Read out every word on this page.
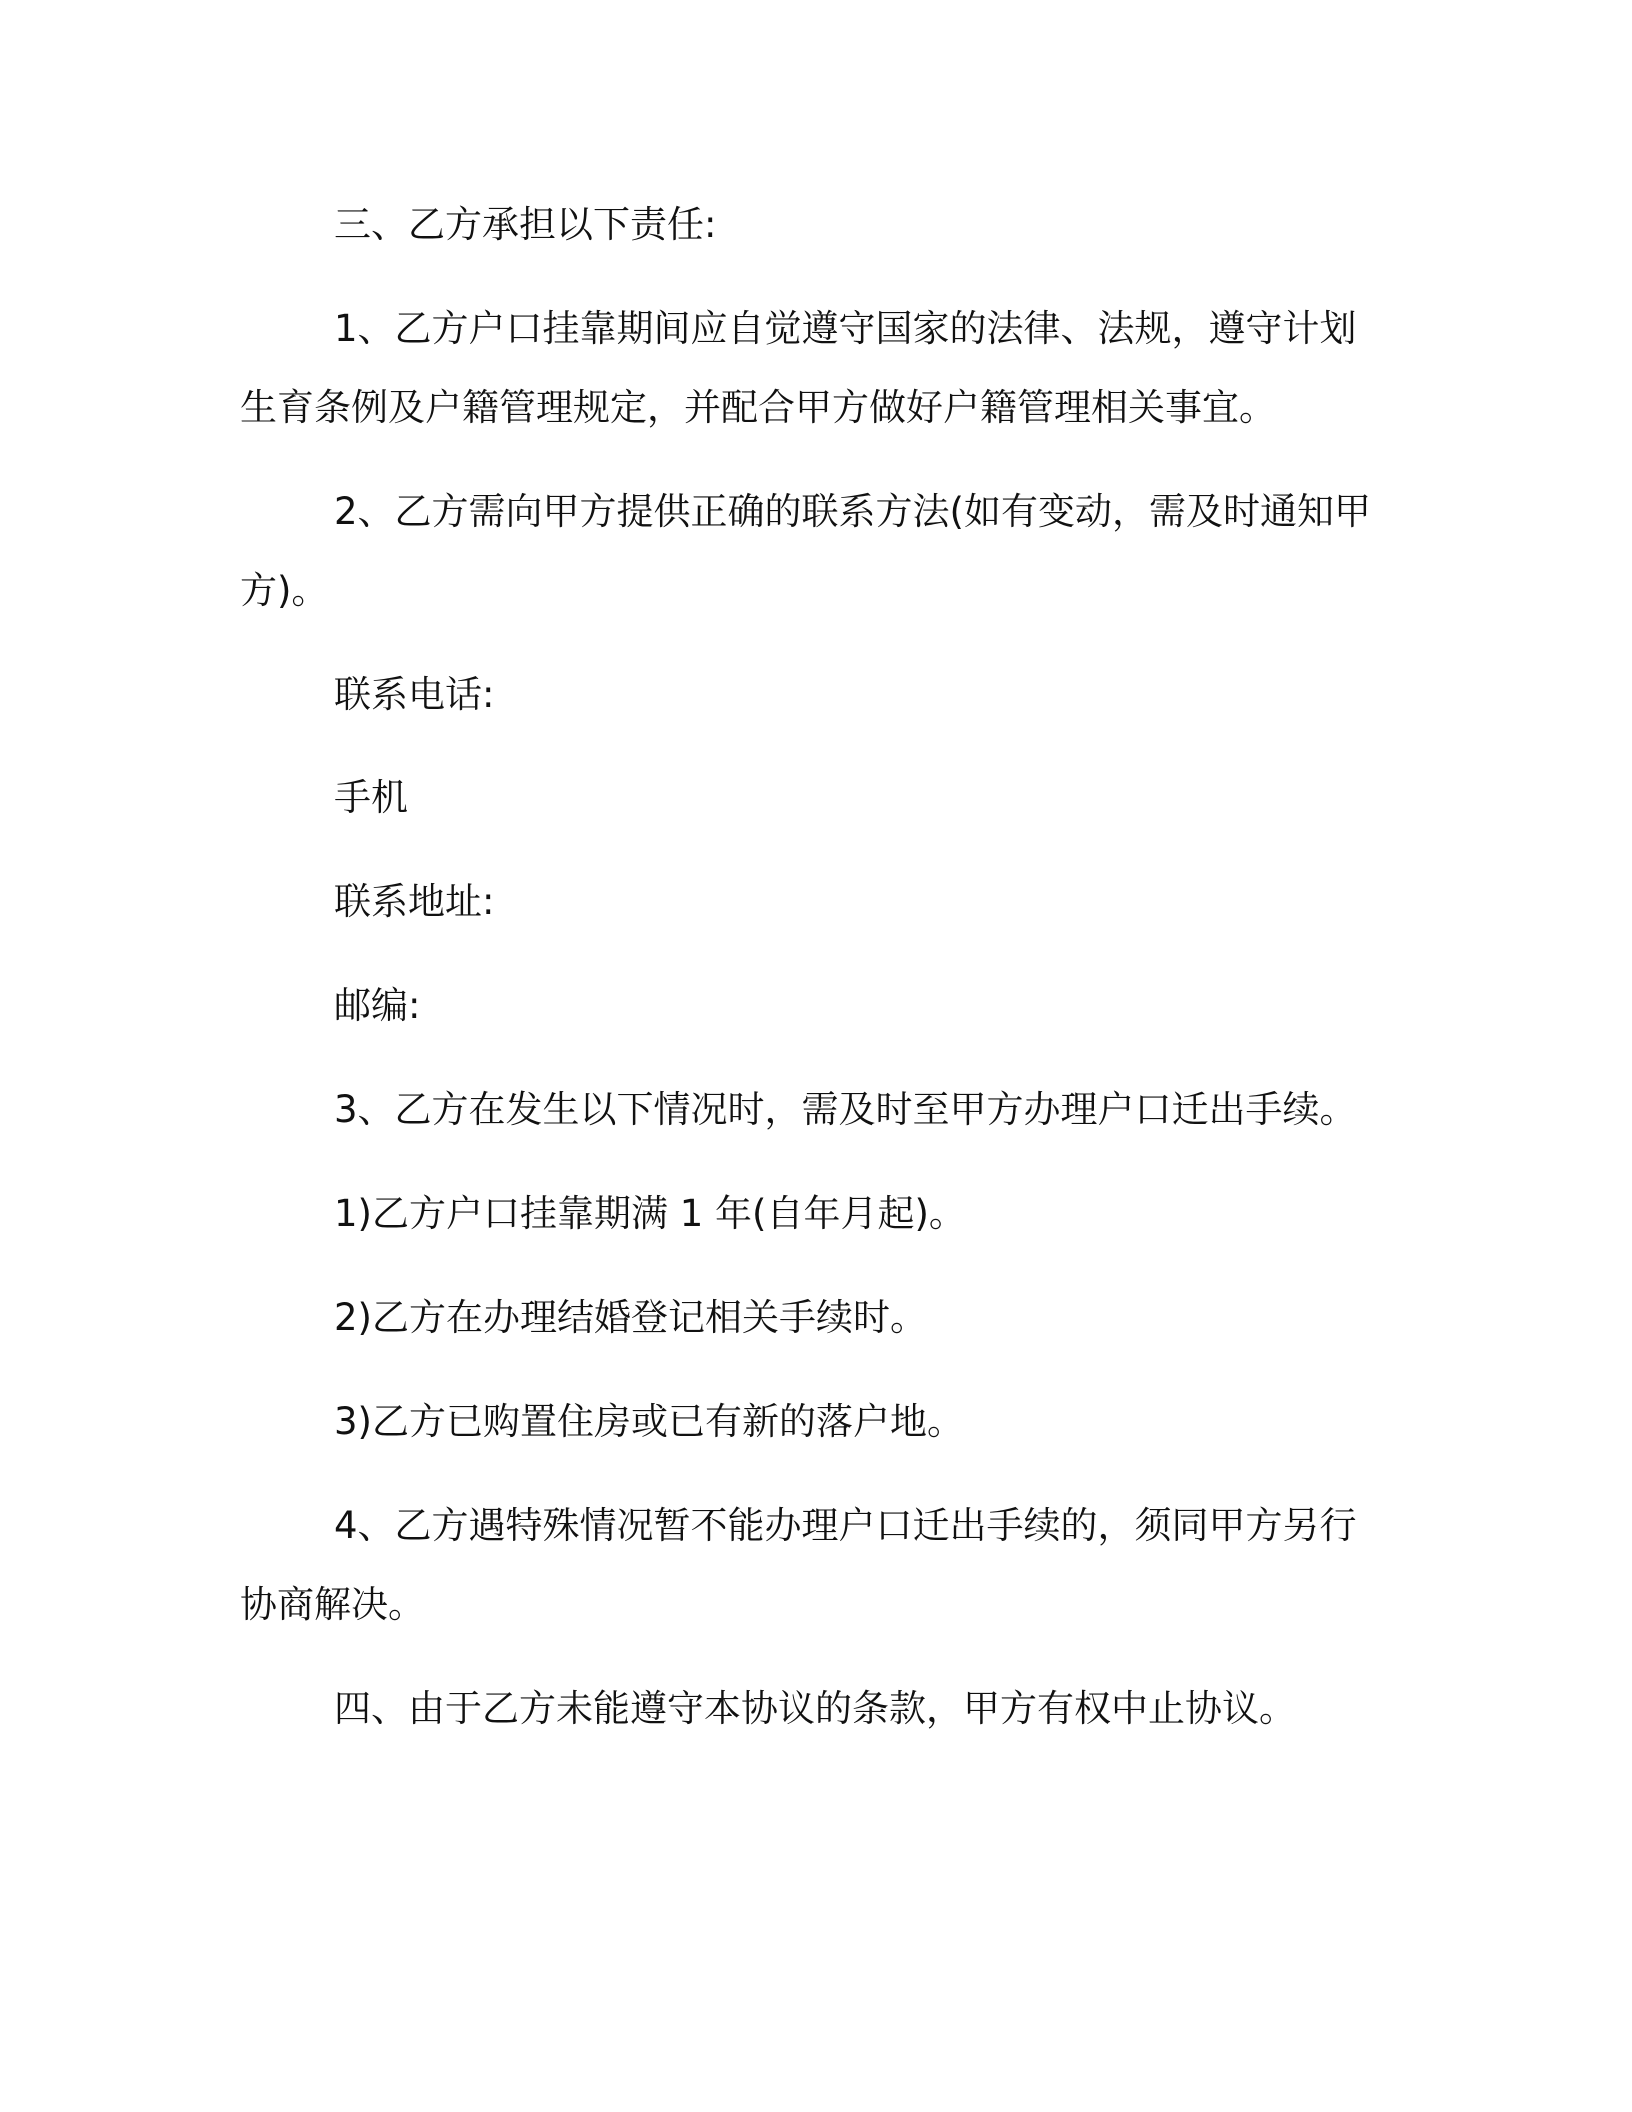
三、乙方承担以下责任:

1、乙方户口挂靠期间应自觉遵守国家的法律、法规，遵守计划

生育条例及户籍管理规定，并配合甲方做好户籍管理相关事宜。

2、乙方需向甲方提供正确的联系方法(如有变动，需及时通知甲

方)。

联系电话:

手机

联系地址:

邮编:

3、乙方在发生以下情况时，需及时至甲方办理户口迁出手续。

1)乙方户口挂靠期满 1 年(自年月起)。

2)乙方在办理结婚登记相关手续时。

3)乙方已购置住房或已有新的落户地。

4、乙方遇特殊情况暂不能办理户口迁出手续的，须同甲方另行

协商解决。

四、由于乙方未能遵守本协议的条款，甲方有权中止协议。
